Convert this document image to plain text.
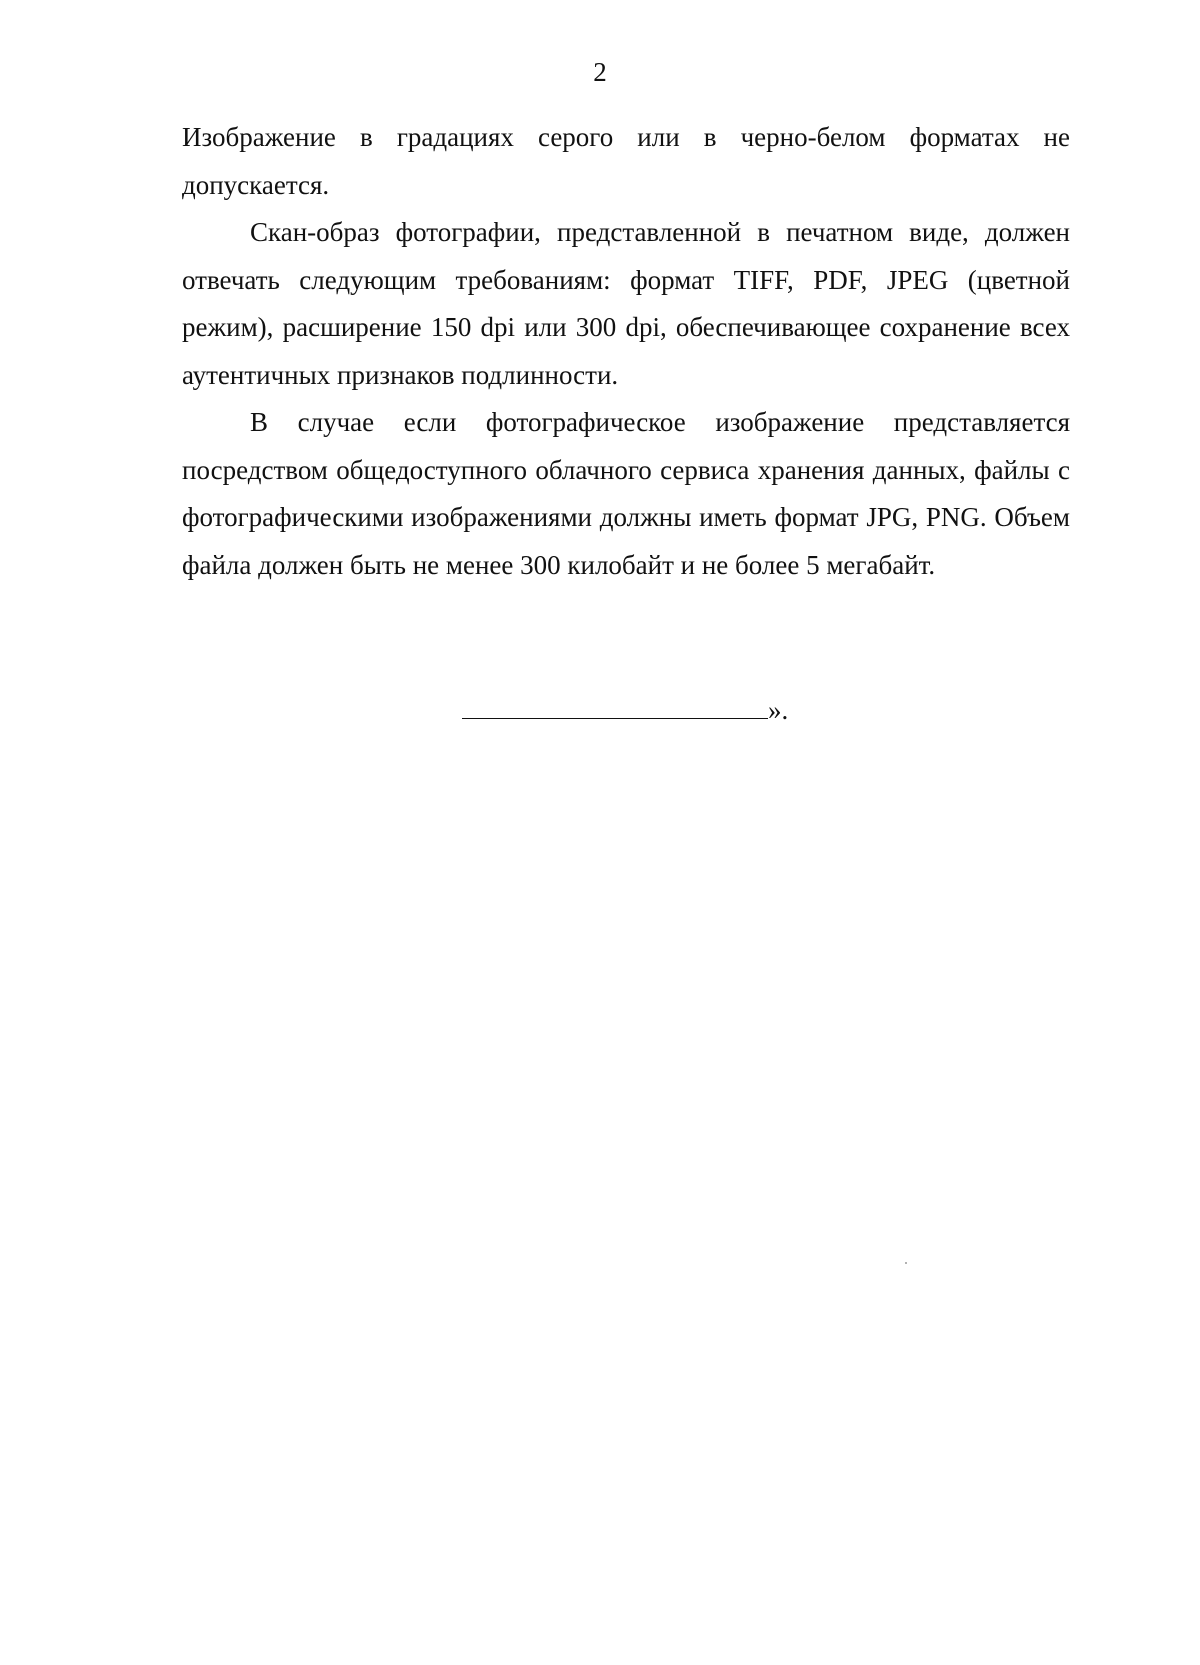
2

Изображение в градациях серого или в черно-белом форматах не допускается.

Скан-образ фотографии, представленной в печатном виде, должен отвечать следующим требованиям: формат TIFF, PDF, JPEG (цветной режим), расширение 150 dpi или 300 dpi, обеспечивающее сохранение всех аутентичных признаков подлинности.

В случае если фотографическое изображение представляется посредством общедоступного облачного сервиса хранения данных, файлы с фотографическими изображениями должны иметь формат JPG, PNG. Объем файла должен быть не менее 300 килобайт и не более 5 мегабайт.

».
